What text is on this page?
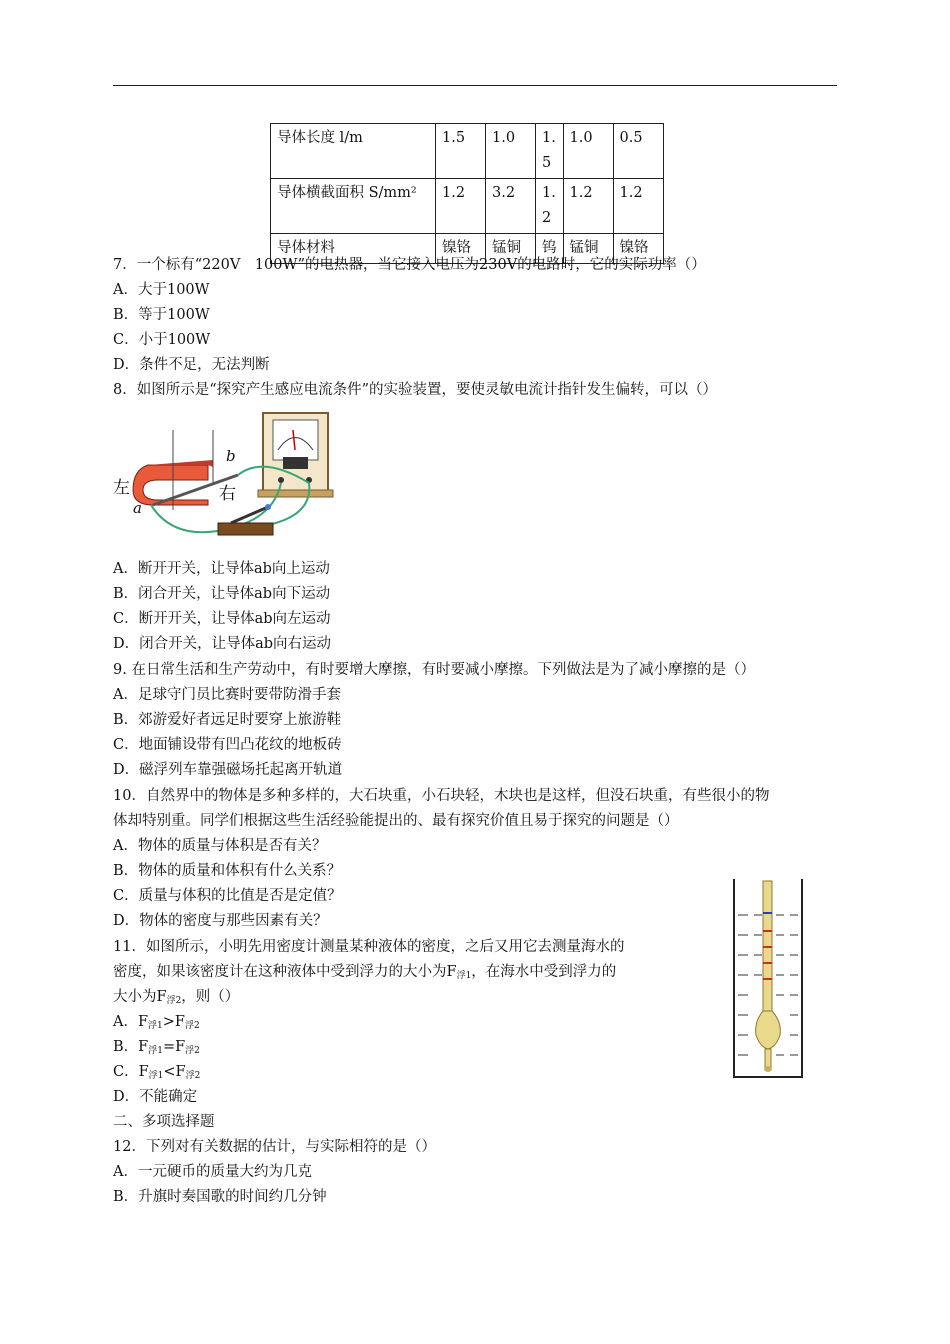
导体长度 l/m	1.5	1.0	1.5	1.0	0.5
导体横截面积 S/mm²	1.2	3.2	1.2	1.2	1.2
导体材料	镍铬	锰铜	钨	锰铜	镍铬
7．一个标有“220V　100W”的电热器，当它接入电压为230V的电路时，它的实际功率（）
A．大于100W
B．等于100W
C．小于100W
D．条件不足，无法判断
8．如图所示是“探究产生感应电流条件”的实验装置，要使灵敏电流计指针发生偏转，可以（）
左	右
a
b
A．断开开关，让导体ab向上运动
B．闭合开关，让导体ab向下运动
C．断开开关，让导体ab向左运动
D．闭合开关，让导体ab向右运动
9. 在日常生活和生产劳动中，有时要增大摩擦，有时要减小摩擦。下列做法是为了减小摩擦的是（）
A．足球守门员比赛时要带防滑手套
B．郊游爱好者远足时要穿上旅游鞋
C．地面铺设带有凹凸花纹的地板砖
D．磁浮列车靠强磁场托起离开轨道
10．自然界中的物体是多种多样的，大石块重，小石块轻，木块也是这样，但没石块重，有些很小的物
体却特别重。同学们根据这些生活经验能提出的、最有探究价值且易于探究的问题是（）
A．物体的质量与体积是否有关？
B．物体的质量和体积有什么关系？
C．质量与体积的比值是否是定值？
D．物体的密度与那些因素有关？
11．如图所示，小明先用密度计测量某种液体的密度，之后又用它去测量海水的
密度，如果该密度计在这种液体中受到浮力的大小为F浮1，在海水中受到浮力的
大小为F浮2，则（）
A．F浮1>F浮2
B．F浮1=F浮2
C．F浮1<F浮2
D．不能确定
二、多项选择题
12．下列对有关数据的估计，与实际相符的是（）
A．一元硬币的质量大约为几克
B．升旗时奏国歌的时间约几分钟
